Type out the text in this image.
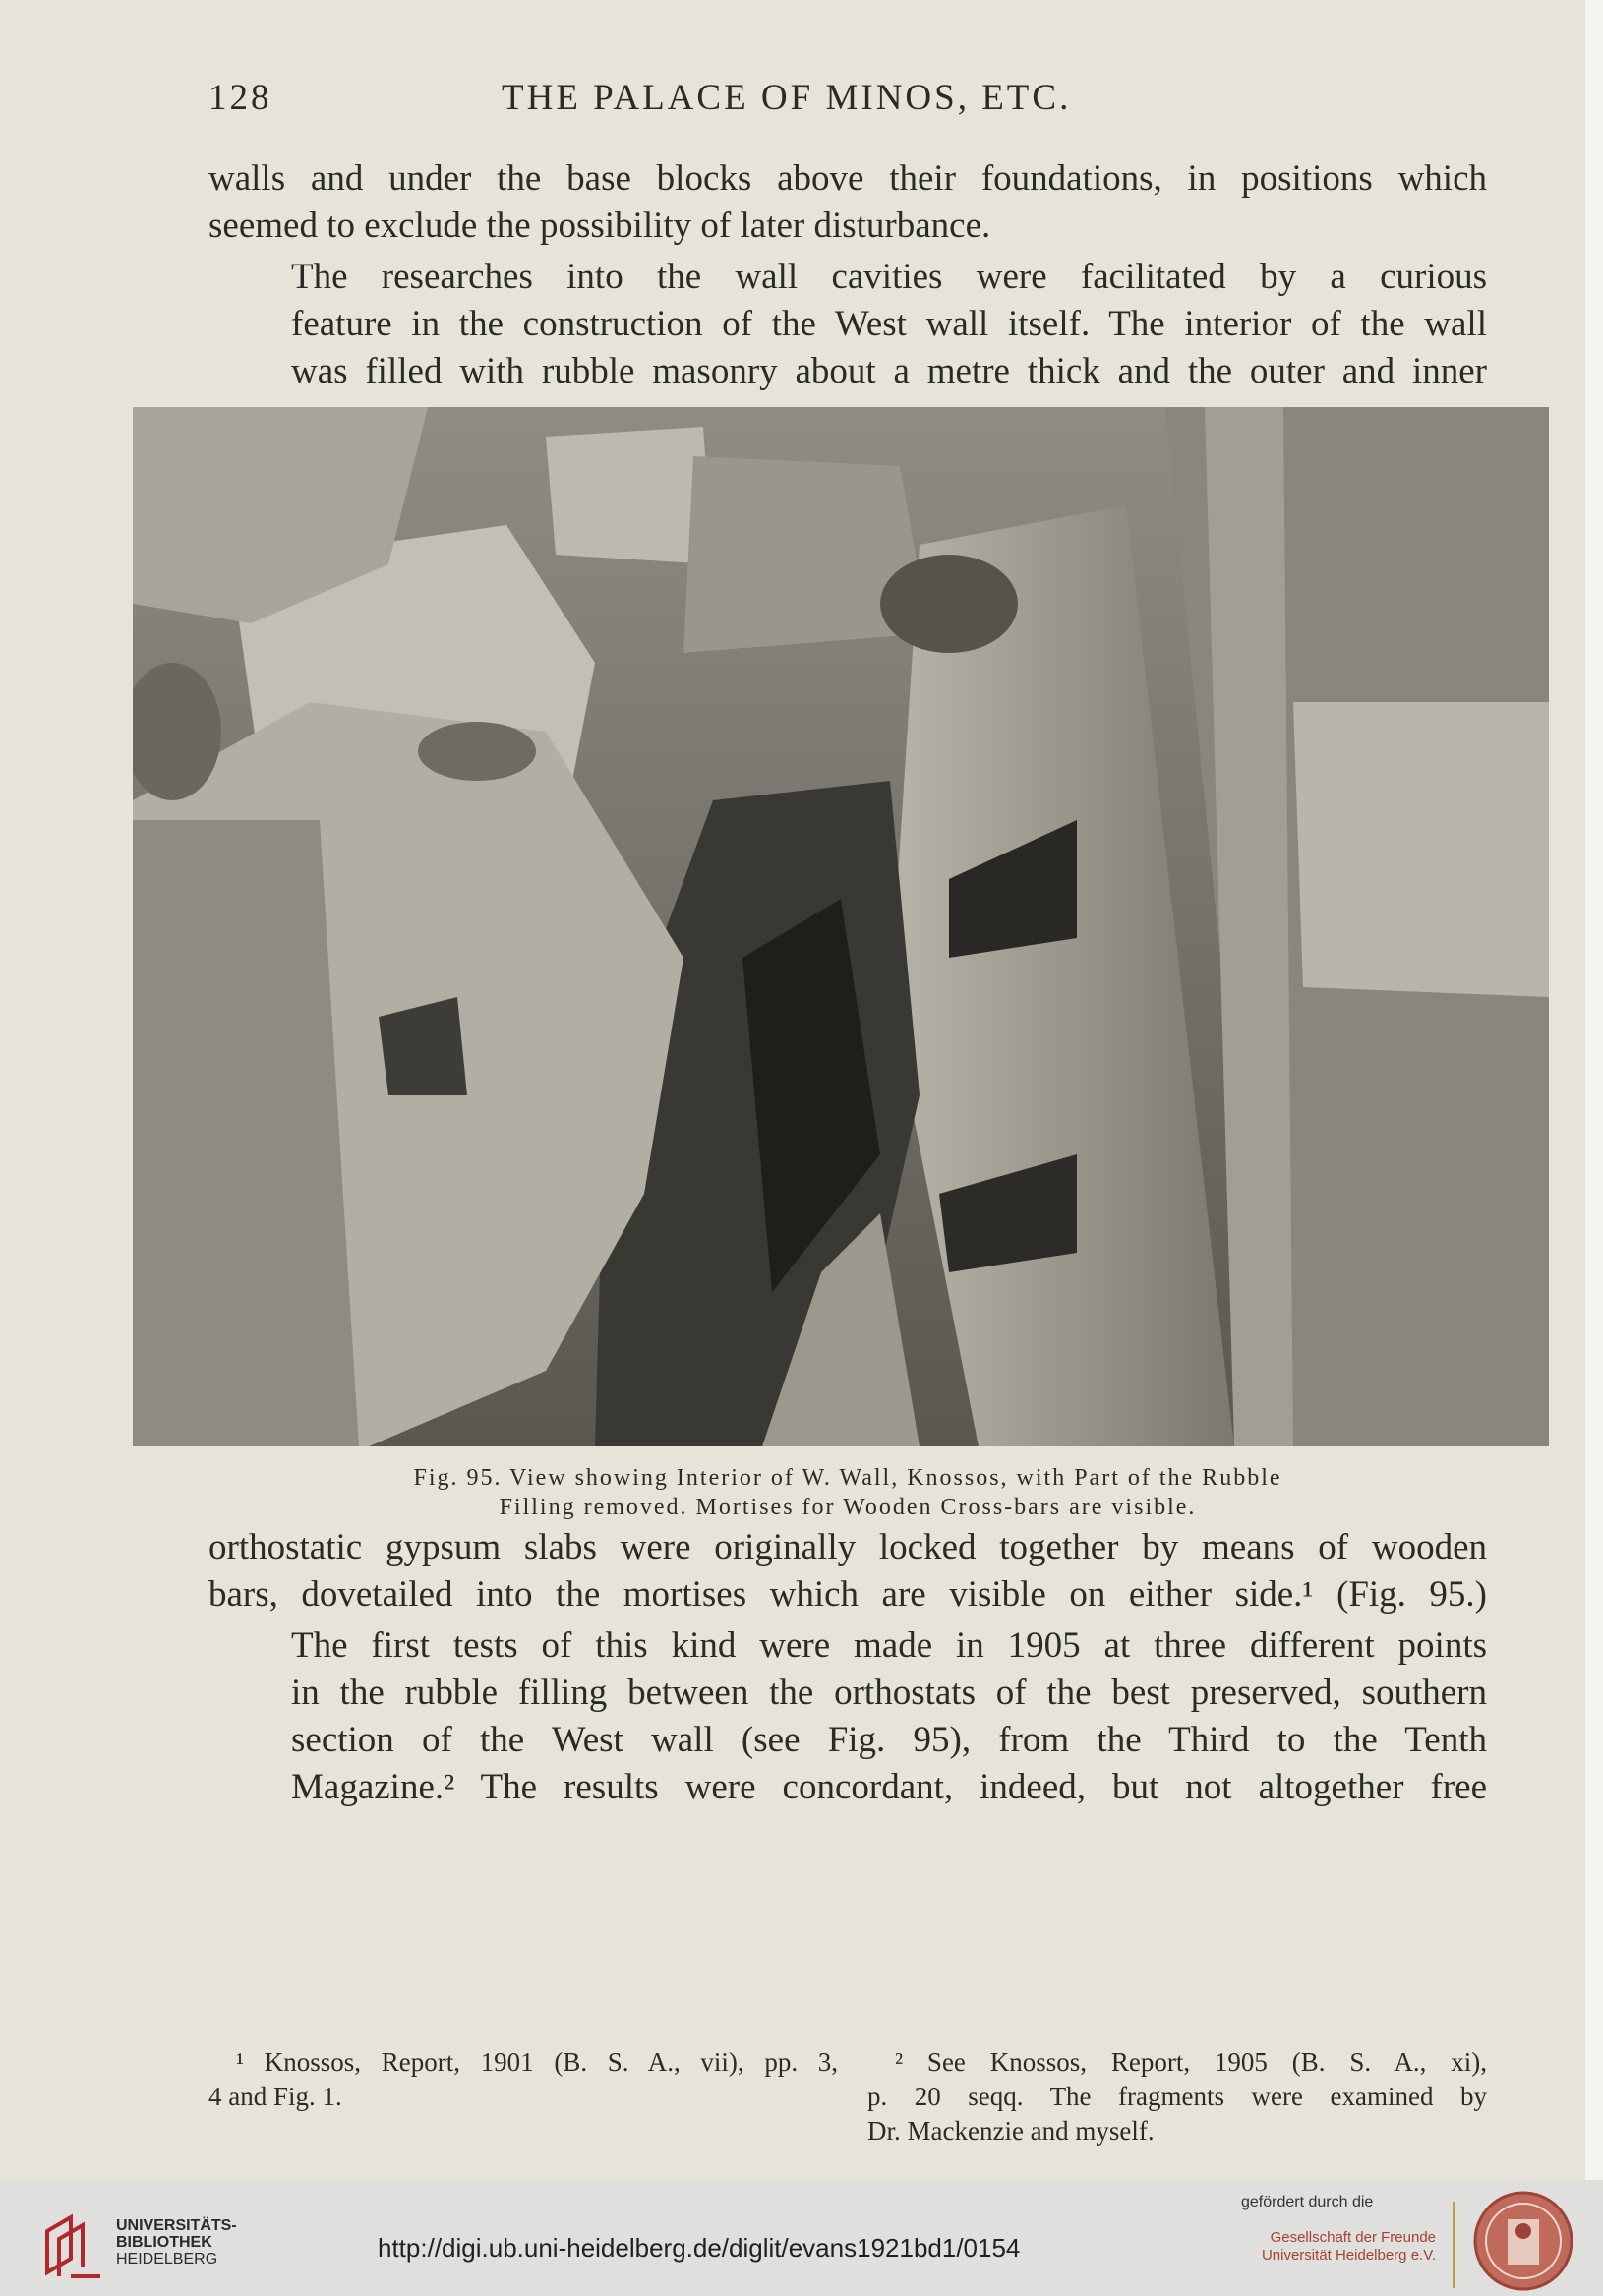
128	THE PALACE OF MINOS, ETC.

walls and under the base blocks above their foundations, in positions which
seemed to exclude the possibility of later disturbance.

The researches into the wall cavities were facilitated by a curious
feature in the construction of the West wall itself. The interior of the wall
was filled with rubble masonry about a metre thick and the outer and inner

Fig. 95. View showing Interior of W. Wall, Knossos, with Part of the Rubble
Filling removed. Mortises for Wooden Cross-bars are visible.

orthostatic gypsum slabs were originally locked together by means of wooden
bars, dovetailed into the mortises which are visible on either side.¹ (Fig. 95.)

The first tests of this kind were made in 1905 at three different points
in the rubble filling between the orthostats of the best preserved, southern
section of the West wall (see Fig. 95), from the Third to the Tenth
Magazine.² The results were concordant, indeed, but not altogether free

¹ Knossos, Report, 1901 (B. S. A., vii), pp. 3,
4 and Fig. 1.
² See Knossos, Report, 1905 (B. S. A., xi),
p. 20 seqq. The fragments were examined by
Dr. Mackenzie and myself.
UNIVERSITÄTS-
BIBLIOTHEK
HEIDELBERG	http://digi.ub.uni-heidelberg.de/diglit/evans1921bd1/0154
gefördert durch die
Gesellschaft der Freunde
Universität Heidelberg e.V.
